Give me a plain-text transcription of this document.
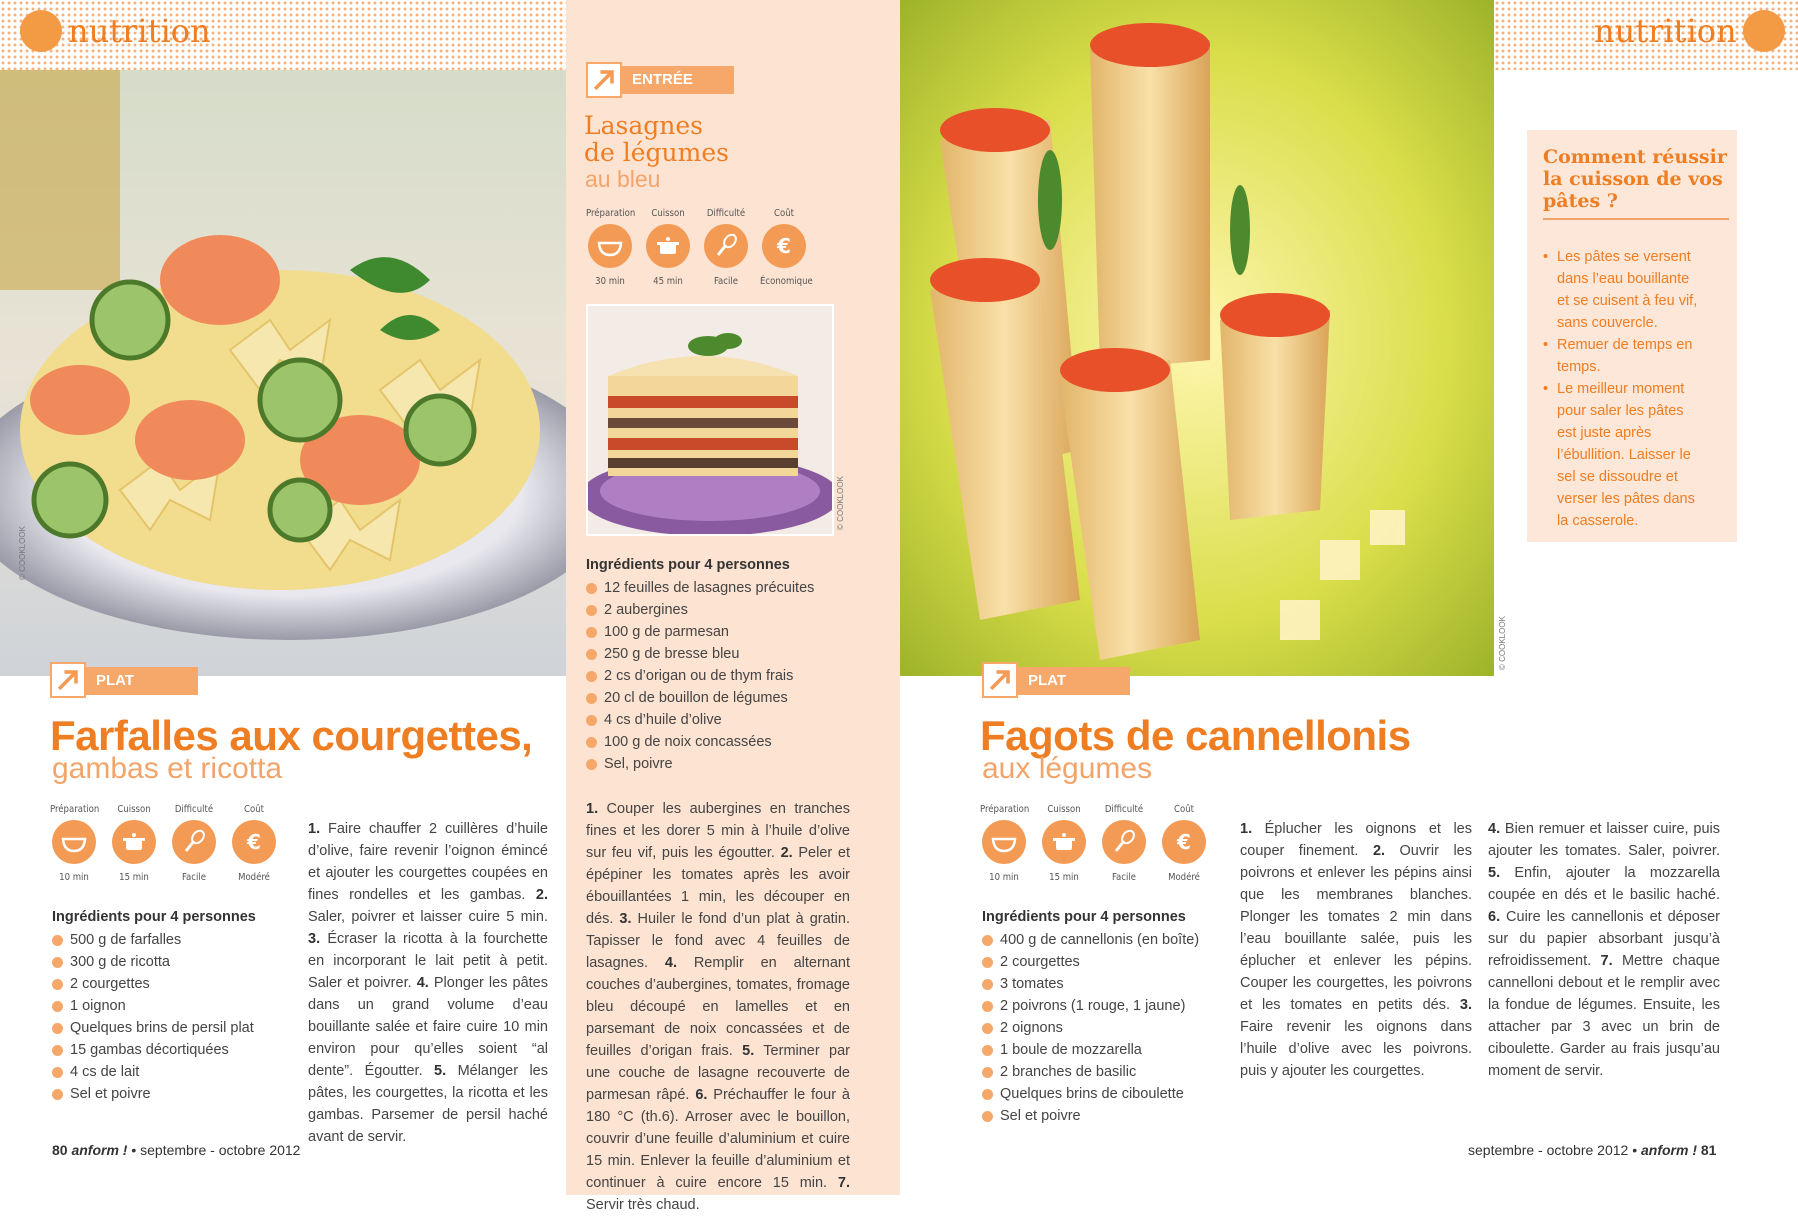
nutrition	nutrition
© COOKLOOK
© COOKLOOK
PLAT
Farfalles aux courgettes,
gambas et ricotta
Préparation
10 min
Cuisson
15 min
Difficulté
Facile
Coût
€
Modéré
Ingrédients pour 4 personnes
500 g de farfalles
300 g de ricotta
2 courgettes
1 oignon
Quelques brins de persil plat
15 gambas décortiquées
4 cs de lait
Sel et poivre
1. Faire chauffer 2 cuillères d’huile d’olive, faire revenir l’oignon émincé et ajouter les courgettes coupées en fines rondelles et les gambas. 2. Saler, poivrer et laisser cuire 5 min. 3. Écraser la ricotta à la fourchette en incorporant le lait petit à petit. Saler et poivrer. 4. Plonger les pâtes dans un grand volume d’eau bouillante salée et faire cuire 10 min environ pour qu’elles soient “al dente”. Égoutter. 5. Mélanger les pâtes, les courgettes, la ricotta et les gambas. Parsemer de persil haché avant de servir.
80 anform ! • septembre - octobre 2012
ENTRÉE
Lasagnes
de légumes
au bleu
Préparation
30 min
Cuisson
45 min
Difficulté
Facile
Coût
€
Économique
© COOKLOOK
Ingrédients pour 4 personnes
12 feuilles de lasagnes précuites
2 aubergines
100 g de parmesan
250 g de bresse bleu
2 cs d’origan ou de thym frais
20 cl de bouillon de légumes
4 cs d’huile d’olive
100 g de noix concassées
Sel, poivre
1. Couper les aubergines en tranches fines et les dorer 5 min à l’huile d’olive sur feu vif, puis les égoutter. 2. Peler et épépiner les tomates après les avoir ébouillantées 1 min, les découper en dés. 3. Huiler le fond d’un plat à gratin. Tapisser le fond avec 4 feuilles de lasagnes. 4. Remplir en alternant couches d’aubergines, tomates, fromage bleu découpé en lamelles et en parsemant de noix concassées et de feuilles d’origan frais. 5. Terminer par une couche de lasagne recouverte de parmesan râpé. 6. Préchauffer le four à 180 °C (th.6). Arroser avec le bouillon, couvrir d’une feuille d’aluminium et cuire 15 min. Enlever la feuille d’aluminium et continuer à cuire encore 15 min. 7. Servir très chaud.
Comment réussir la cuisson de vos pâtes ?
• Les pâtes se versent dans l’eau bouillante et se cuisent à feu vif, sans couvercle.
• Remuer de temps en temps.
• Le meilleur moment pour saler les pâtes est juste après l’ébullition. Laisser le sel se dissoudre et verser les pâtes dans la casserole.
PLAT
Fagots de cannellonis
aux légumes
Préparation
10 min
Cuisson
15 min
Difficulté
Facile
Coût
€
Modéré
Ingrédients pour 4 personnes
400 g de cannellonis (en boîte)
2 courgettes
3 tomates
2 poivrons (1 rouge, 1 jaune)
2 oignons
1 boule de mozzarella
2 branches de basilic
Quelques brins de ciboulette
Sel et poivre
1. Éplucher les oignons et les couper finement. 2. Ouvrir les poivrons et enlever les pépins ainsi que les membranes blanches. Plonger les tomates 2 min dans l’eau bouillante salée, puis les éplucher et enlever les pépins. Couper les courgettes, les poivrons et les tomates en petits dés. 3. Faire revenir les oignons dans l’huile d’olive avec les poivrons. puis y ajouter les courgettes.
4. Bien remuer et laisser cuire, puis ajouter les tomates. Saler, poivrer. 5. Enfin, ajouter la mozzarella coupée en dés et le basilic haché. 6. Cuire les cannellonis et déposer sur du papier absorbant jusqu’à refroidissement. 7. Mettre chaque cannelloni debout et le remplir avec la fondue de légumes. Ensuite, les attacher par 3 avec un brin de ciboulette. Garder au frais jusqu’au moment de servir.
septembre - octobre 2012 • anform ! 81
